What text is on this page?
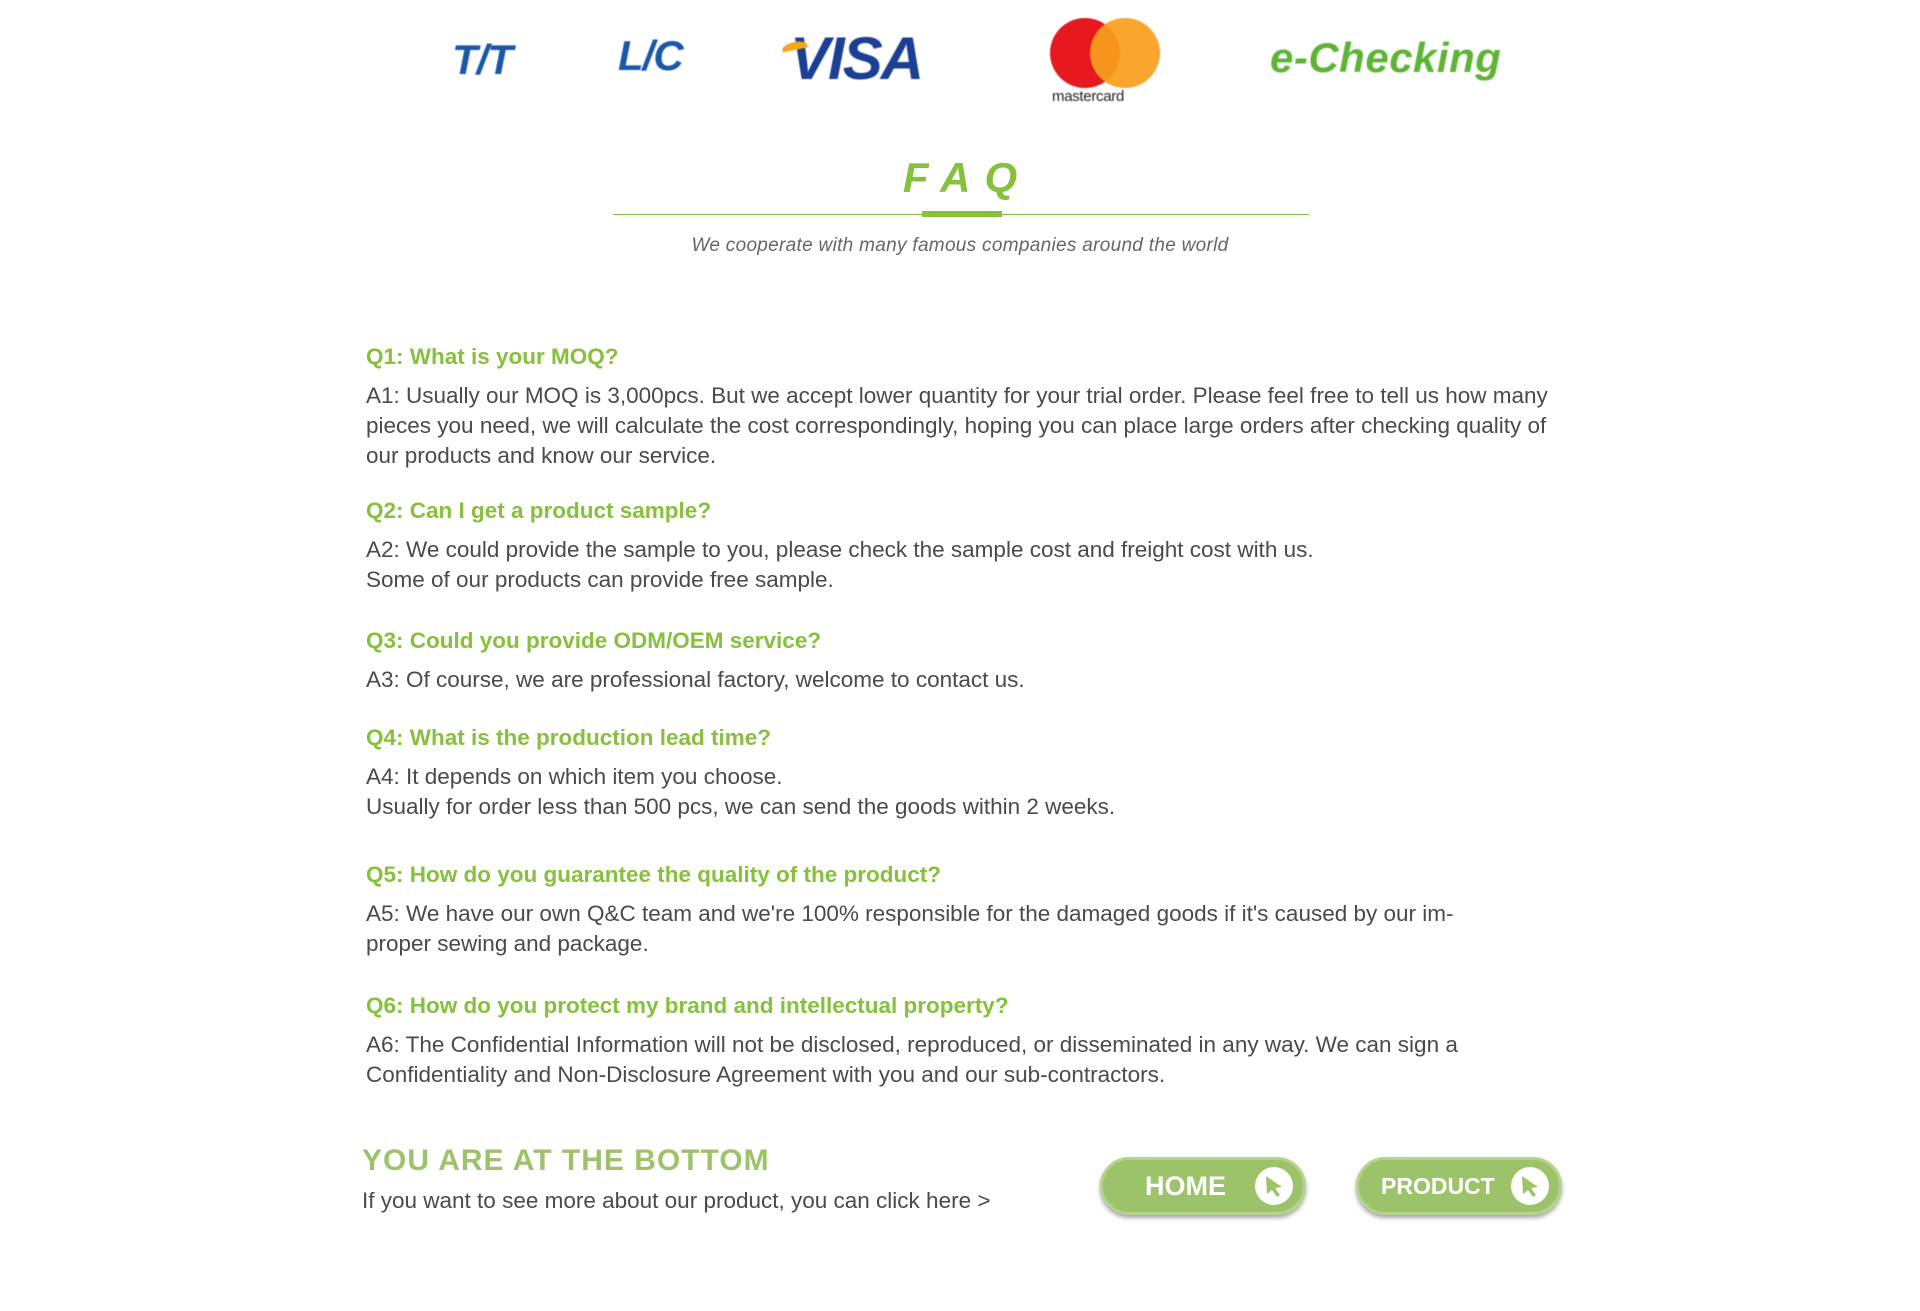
T/T	L/C VISA
mastercard
e-Checking
FAQ
We cooperate with many famous companies around the world
Q1: What is your MOQ?
A1: Usually our MOQ is 3,000pcs. But we accept lower quantity for your trial order. Please feel free to tell us how many pieces you need, we will calculate the cost correspondingly, hoping you can place large orders after checking quality of our products and know our service.
Q2: Can I get a product sample?
A2: We could provide the sample to you, please check the sample cost and freight cost with us.
Some of our products can provide free sample.
Q3: Could you provide ODM/OEM service?
A3: Of course, we are professional factory, welcome to contact us.
Q4: What is the production lead time?
A4: It depends on which item you choose.
Usually for order less than 500 pcs, we can send the goods within 2 weeks.
Q5: How do you guarantee the quality of the product?
A5: We have our own Q&C team and we're 100% responsible for the damaged goods if it's caused by our im-
proper sewing and package.
Q6: How do you protect my brand and intellectual property?
A6: The Confidential Information will not be disclosed, reproduced, or disseminated in any way. We can sign a Confidentiality and Non-Disclosure Agreement with you and our sub-contractors.
YOU ARE AT THE BOTTOM
If you want to see more about our product, you can click here >	HOME	PRODUCT
